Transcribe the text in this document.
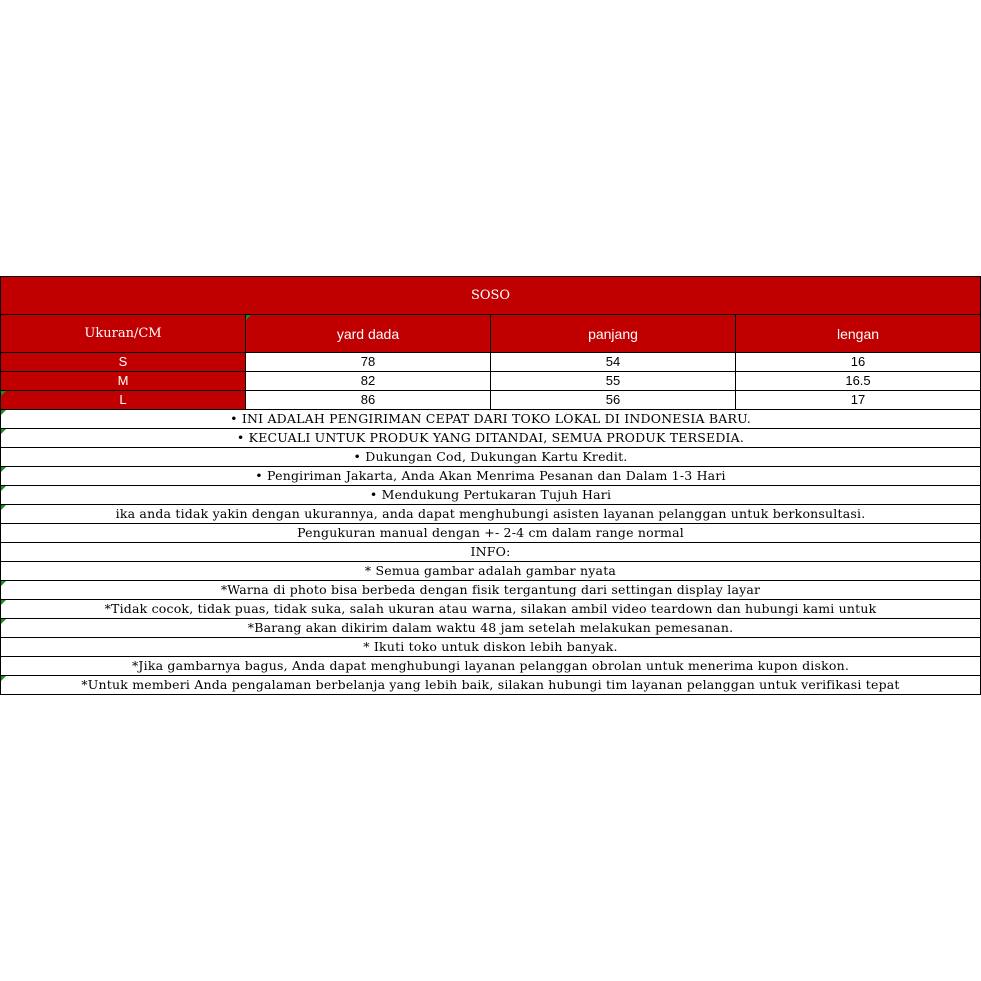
SOSO			
Ukuran/CM	yard dada	panjang	lengan
S	78	54	16
M	82	55	16.5

L	86	56	17

• INI ADALAH PENGIRIMAN CEPAT DARI TOKO LOKAL DI INDONESIA BARU.			

• KECUALI UNTUK PRODUK YANG DITANDAI, SEMUA PRODUK TERSEDIA.			
• Dukungan Cod, Dukungan Kartu Kredit.			

• Pengiriman Jakarta, Anda Akan Menrima Pesanan dan Dalam 1-3 Hari			

• Mendukung Pertukaran Tujuh Hari			

ika anda tidak yakin dengan ukurannya, anda dapat menghubungi asisten layanan pelanggan untuk berkonsultasi.			
Pengukuran manual dengan +- 2-4 cm dalam range normal			
INFO:			
* Semua gambar adalah gambar nyata			

*Warna di photo bisa berbeda dengan fisik tergantung dari settingan display layar			

*Tidak cocok, tidak puas, tidak suka, salah ukuran atau warna, silakan ambil video teardown dan hubungi kami untuk			

*Barang akan dikirim dalam waktu 48 jam setelah melakukan pemesanan.			
* Ikuti toko untuk diskon lebih banyak.			
*Jika gambarnya bagus, Anda dapat menghubungi layanan pelanggan obrolan untuk menerima kupon diskon.			

*Untuk memberi Anda pengalaman berbelanja yang lebih baik, silakan hubungi tim layanan pelanggan untuk verifikasi tepat			
